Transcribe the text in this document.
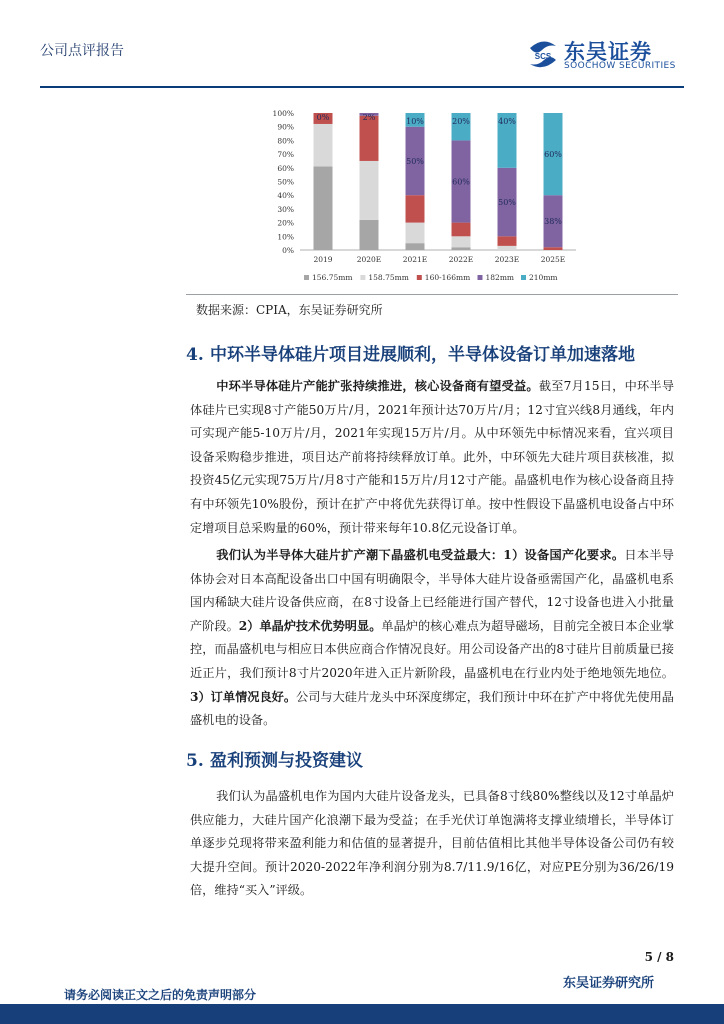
公司点评报告	SCS 东吴证券
SOOCHOW SECURITIES
0%
10%
20%
30%
40%
50%
60%
70%
80%
90%
100%
2019	2020E	2021E	2022E	2023E	2025E
0%	2%	10%
50%
20%
60%
40%
50%
60%
38%
156.75mm 158.75mm 160-166mm 182mm 210mm
数据来源：CPIA，东吴证券研究所
4. 中环半导体硅片项目进展顺利，半导体设备订单加速落地
中环半导体硅片产能扩张持续推进，核心设备商有望受益。截至7月15日，中环半导体硅片已实现8寸产能50万片/月，2021年预计达70万片/月；12寸宜兴线8月通线，年内可实现产能5-10万片/月，2021年实现15万片/月。从中环领先中标情况来看，宜兴项目设备采购稳步推进，项目达产前将持续释放订单。此外，中环领先大硅片项目获核准，拟投资45亿元实现75万片/月8寸产能和15万片/月12寸产能。晶盛机电作为核心设备商且持有中环领先10%股份，预计在扩产中将优先获得订单。按中性假设下晶盛机电设备占中环定增项目总采购量的60%，预计带来每年10.8亿元设备订单。
我们认为半导体大硅片扩产潮下晶盛机电受益最大：1）设备国产化要求。日本半导体协会对日本高配设备出口中国有明确限令，半导体大硅片设备亟需国产化，晶盛机电系国内稀缺大硅片设备供应商，在8寸设备上已经能进行国产替代，12寸设备也进入小批量产阶段。2）单晶炉技术优势明显。单晶炉的核心难点为超导磁场，目前完全被日本企业掌控，而晶盛机电与相应日本供应商合作情况良好。用公司设备产出的8寸硅片目前质量已接近正片，我们预计8寸片2020年进入正片新阶段，晶盛机电在行业内处于绝地领先地位。3）订单情况良好。公司与大硅片龙头中环深度绑定，我们预计中环在扩产中将优先使用晶盛机电的设备。
5. 盈利预测与投资建议
我们认为晶盛机电作为国内大硅片设备龙头，已具备8寸线80%整线以及12寸单晶炉供应能力，大硅片国产化浪潮下最为受益；在手光伏订单饱满将支撑业绩增长，半导体订单逐步兑现将带来盈利能力和估值的显著提升，目前估值相比其他半导体设备公司仍有较大提升空间。预计2020-2022年净利润分别为8.7/11.9/16亿，对应PE分别为36/26/19倍，维持“买入”评级。
5 / 8
东吴证券研究所
请务必阅读正文之后的免责声明部分
